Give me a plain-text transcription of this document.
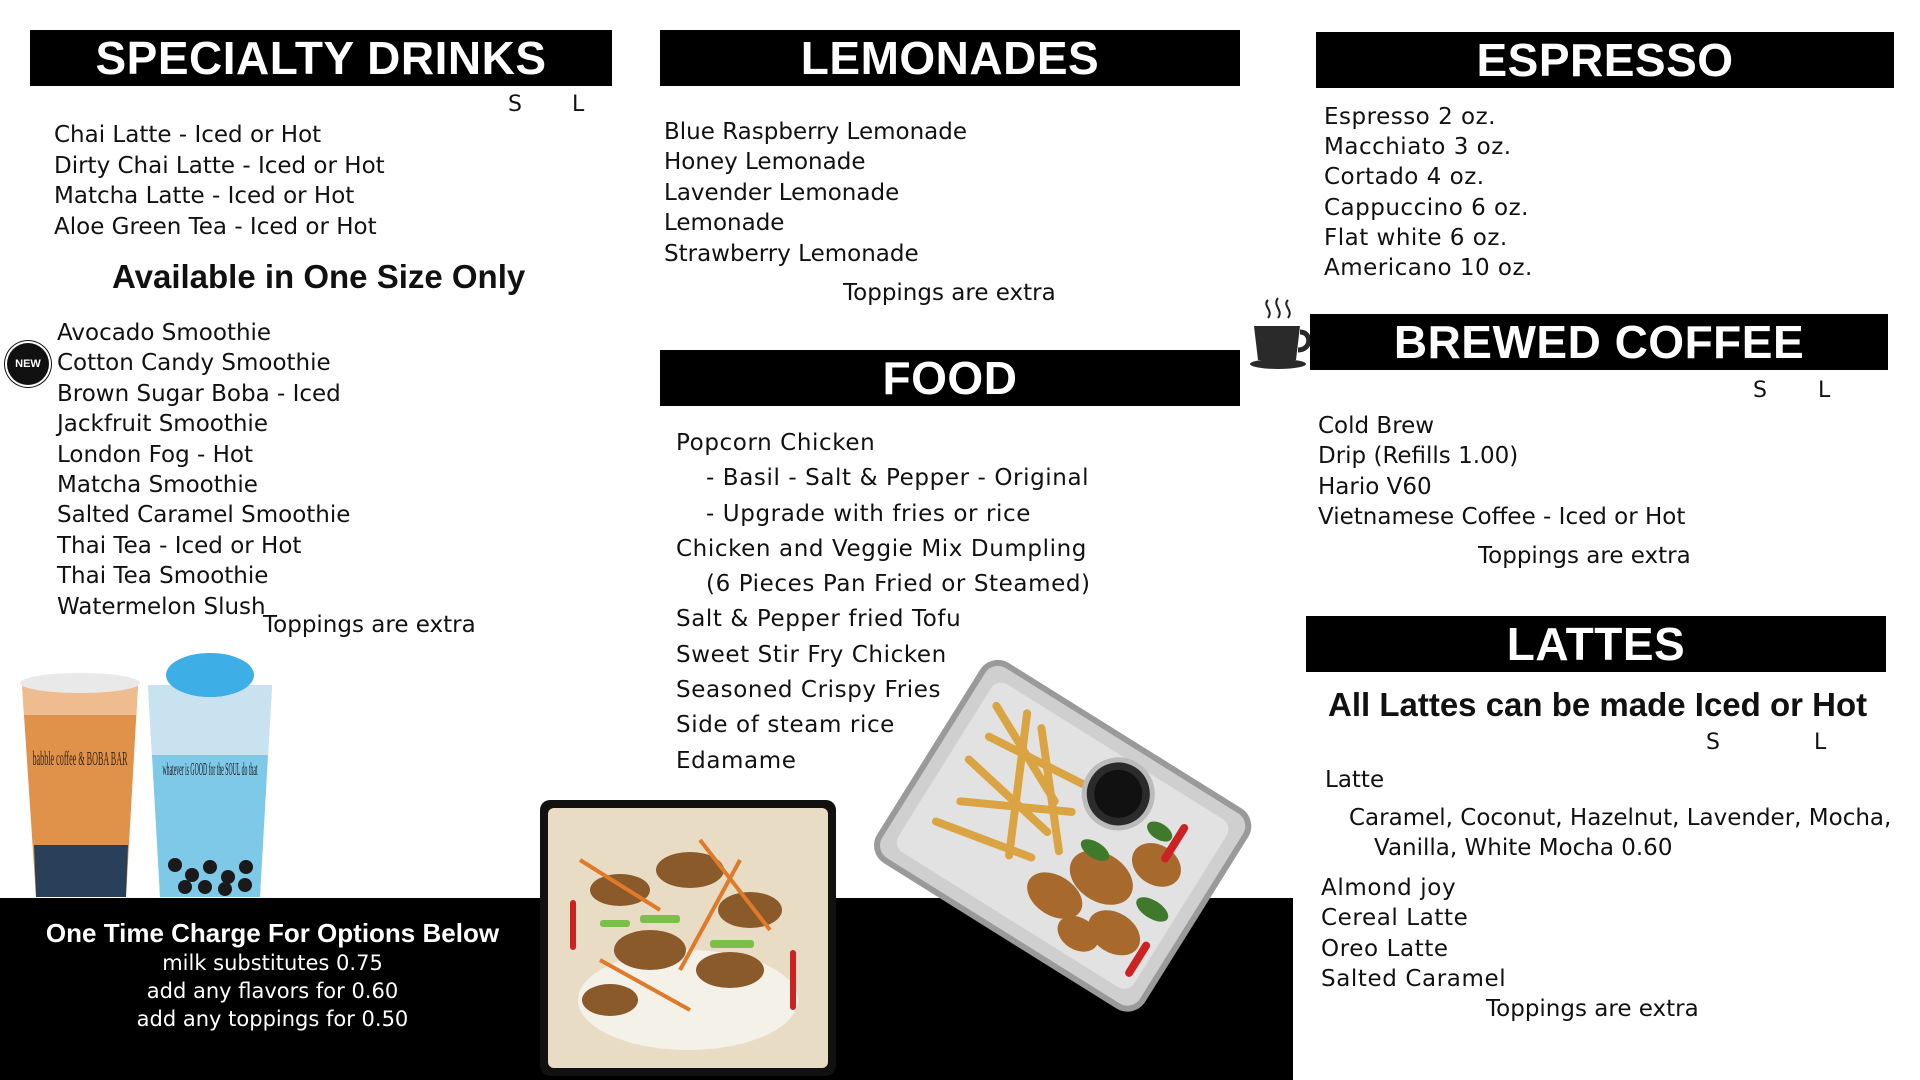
SPECIALTY DRINKS
S L
Chai Latte - Iced or Hot
Dirty Chai Latte - Iced or Hot
Matcha Latte - Iced or Hot
Aloe Green Tea - Iced or Hot
Available in One Size Only
NEW
Avocado Smoothie
Cotton Candy Smoothie
Brown Sugar Boba - Iced
Jackfruit Smoothie
London Fog - Hot
Matcha Smoothie
Salted Caramel Smoothie
Thai Tea - Iced or Hot
Thai Tea Smoothie
Watermelon Slush
Toppings are extra
babble coffee & BOBA BAR whatever is GOOD for the SOUL do that
One Time Charge For Options Below
milk substitutes 0.75
add any flavors for 0.60
add any toppings for 0.50
LEMONADES
Blue Raspberry Lemonade
Honey Lemonade
Lavender Lemonade
Lemonade
Strawberry Lemonade
Toppings are extra
FOOD
Popcorn Chicken
- Basil - Salt & Pepper - Original
- Upgrade with fries or rice
Chicken and Veggie Mix Dumpling
(6 Pieces Pan Fried or Steamed)
Salt & Pepper fried Tofu
Sweet Stir Fry Chicken
Seasoned Crispy Fries
Side of steam rice
Edamame
ESPRESSO
Espresso 2 oz.
Macchiato 3 oz.
Cortado 4 oz.
Cappuccino 6 oz.
Flat white 6 oz.
Americano 10 oz.
BREWED COFFEE
S L
Cold Brew
Drip (Refills 1.00)
Hario V60
Vietnamese Coffee - Iced or Hot
Toppings are extra
LATTES
All Lattes can be made Iced or Hot
S	L
Latte
Caramel, Coconut, Hazelnut, Lavender, Mocha,
Vanilla, White Mocha 0.60
Almond joy
Cereal Latte
Oreo Latte
Salted Caramel
Toppings are extra
